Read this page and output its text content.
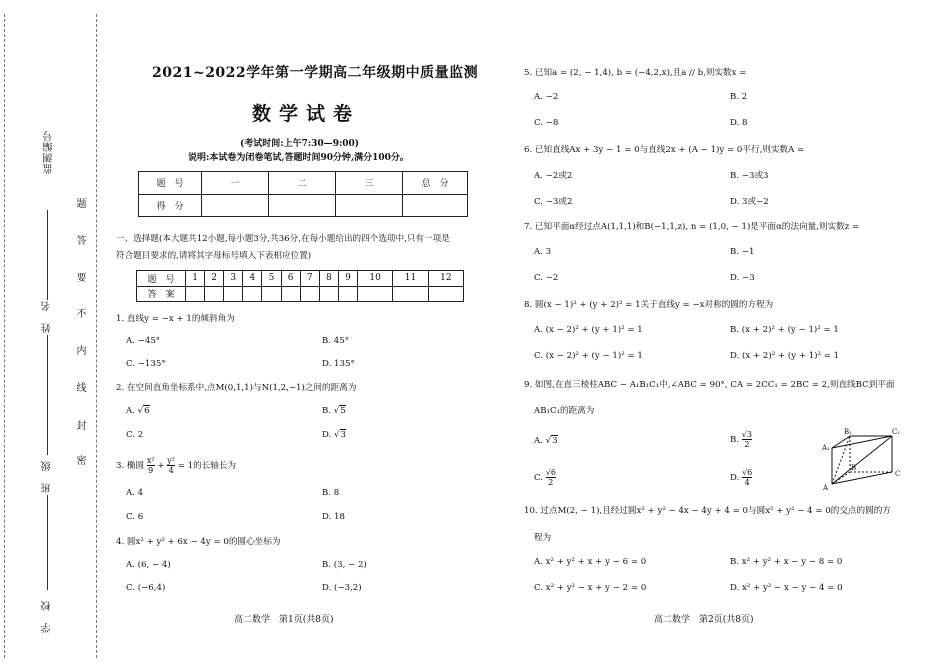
监测编号
姓　名
班　级
学　校
题
答
要
不
内
线
封
密
2021~2022学年第一学期高二年级期中质量监测
数学试卷
(考试时间:上午7:30—9:00)
说明:本试卷为闭卷笔试,答题时间90分钟,满分100分。
题　号	一	二	三	总　分
得　分				
一、选择题(本大题共12小题,每小题3分,共36分,在每小题给出的四个选项中,只有一项是
符合题目要求的,请将其字母标号填入下表相应位置)
题　号	1	2	3	4	5	6	7	8	9	10	11	12
答　案												
1. 直线y = −x + 1的倾斜角为
A. −45°	B. 45°
C. −135°	D. 135°
2. 在空间直角坐标系中,点M(0,1,1)与N(1,2,−1)之间的距离为
A. √6	B. √5
C. 2	D. √3
3. 椭圆 $\frac{\text{x²}}{9} + \frac{\text{y²}}{4} = 1$的长轴长为
A. 4	B. 8
C. 6	D. 18
4. 圆x² + y² + 6x − 4y = 0的圆心坐标为
A. (6, − 4)	B. (3, − 2)
C. (−6,4)	D. (−3,2)
高二数学　第1页(共8页)
5. 已知a = (2, − 1,4), b = (−4,2,x),且a // b,则实数x =
A. −2	B. 2
C. −8	D. 8
6. 已知直线Ax + 3y − 1 = 0与直线2x + (A − 1)y = 0平行,则实数A =
A. −2或2	B. −3或3
C. −3或2	D. 3或−2
7. 已知平面α经过点A(1,1,1)和B(−1,1,z), n = (1,0, − 1)是平面α的法向量,则实数z =
A. 3	B. −1
C. −2	D. −3
8. 圆(x − 1)² + (y + 2)² = 1关于直线y = −x对称的圆的方程为
A. (x − 2)² + (y + 1)² = 1	B. (x + 2)² + (y − 1)² = 1
C. (x − 2)² + (y − 1)² = 1	D. (x + 2)² + (y + 1)² = 1
9. 如图,在直三棱柱ABC − A₁B₁C₁中,∠ABC = 90°, CA = 2CC₁ = 2BC = 2,则直线BC到平面
AB₁C₁的距离为
A. √3	B. $\frac{√3}{2}$
C. $\frac{√6}{2}$	D. $\frac{√6}{4}$
A₁
B₁	C₁
A
B
C
10. 过点M(2, − 1),且经过圆x² + y² − 4x − 4y + 4 = 0与圆x² + y² − 4 = 0的交点的圆的方
程为
A. x² + y² + x + y − 6 = 0	B. x² + y² + x − y − 8 = 0
C. x² + y² − x + y − 2 = 0	D. x² + y² − x − y − 4 = 0
高二数学　第2页(共8页)
